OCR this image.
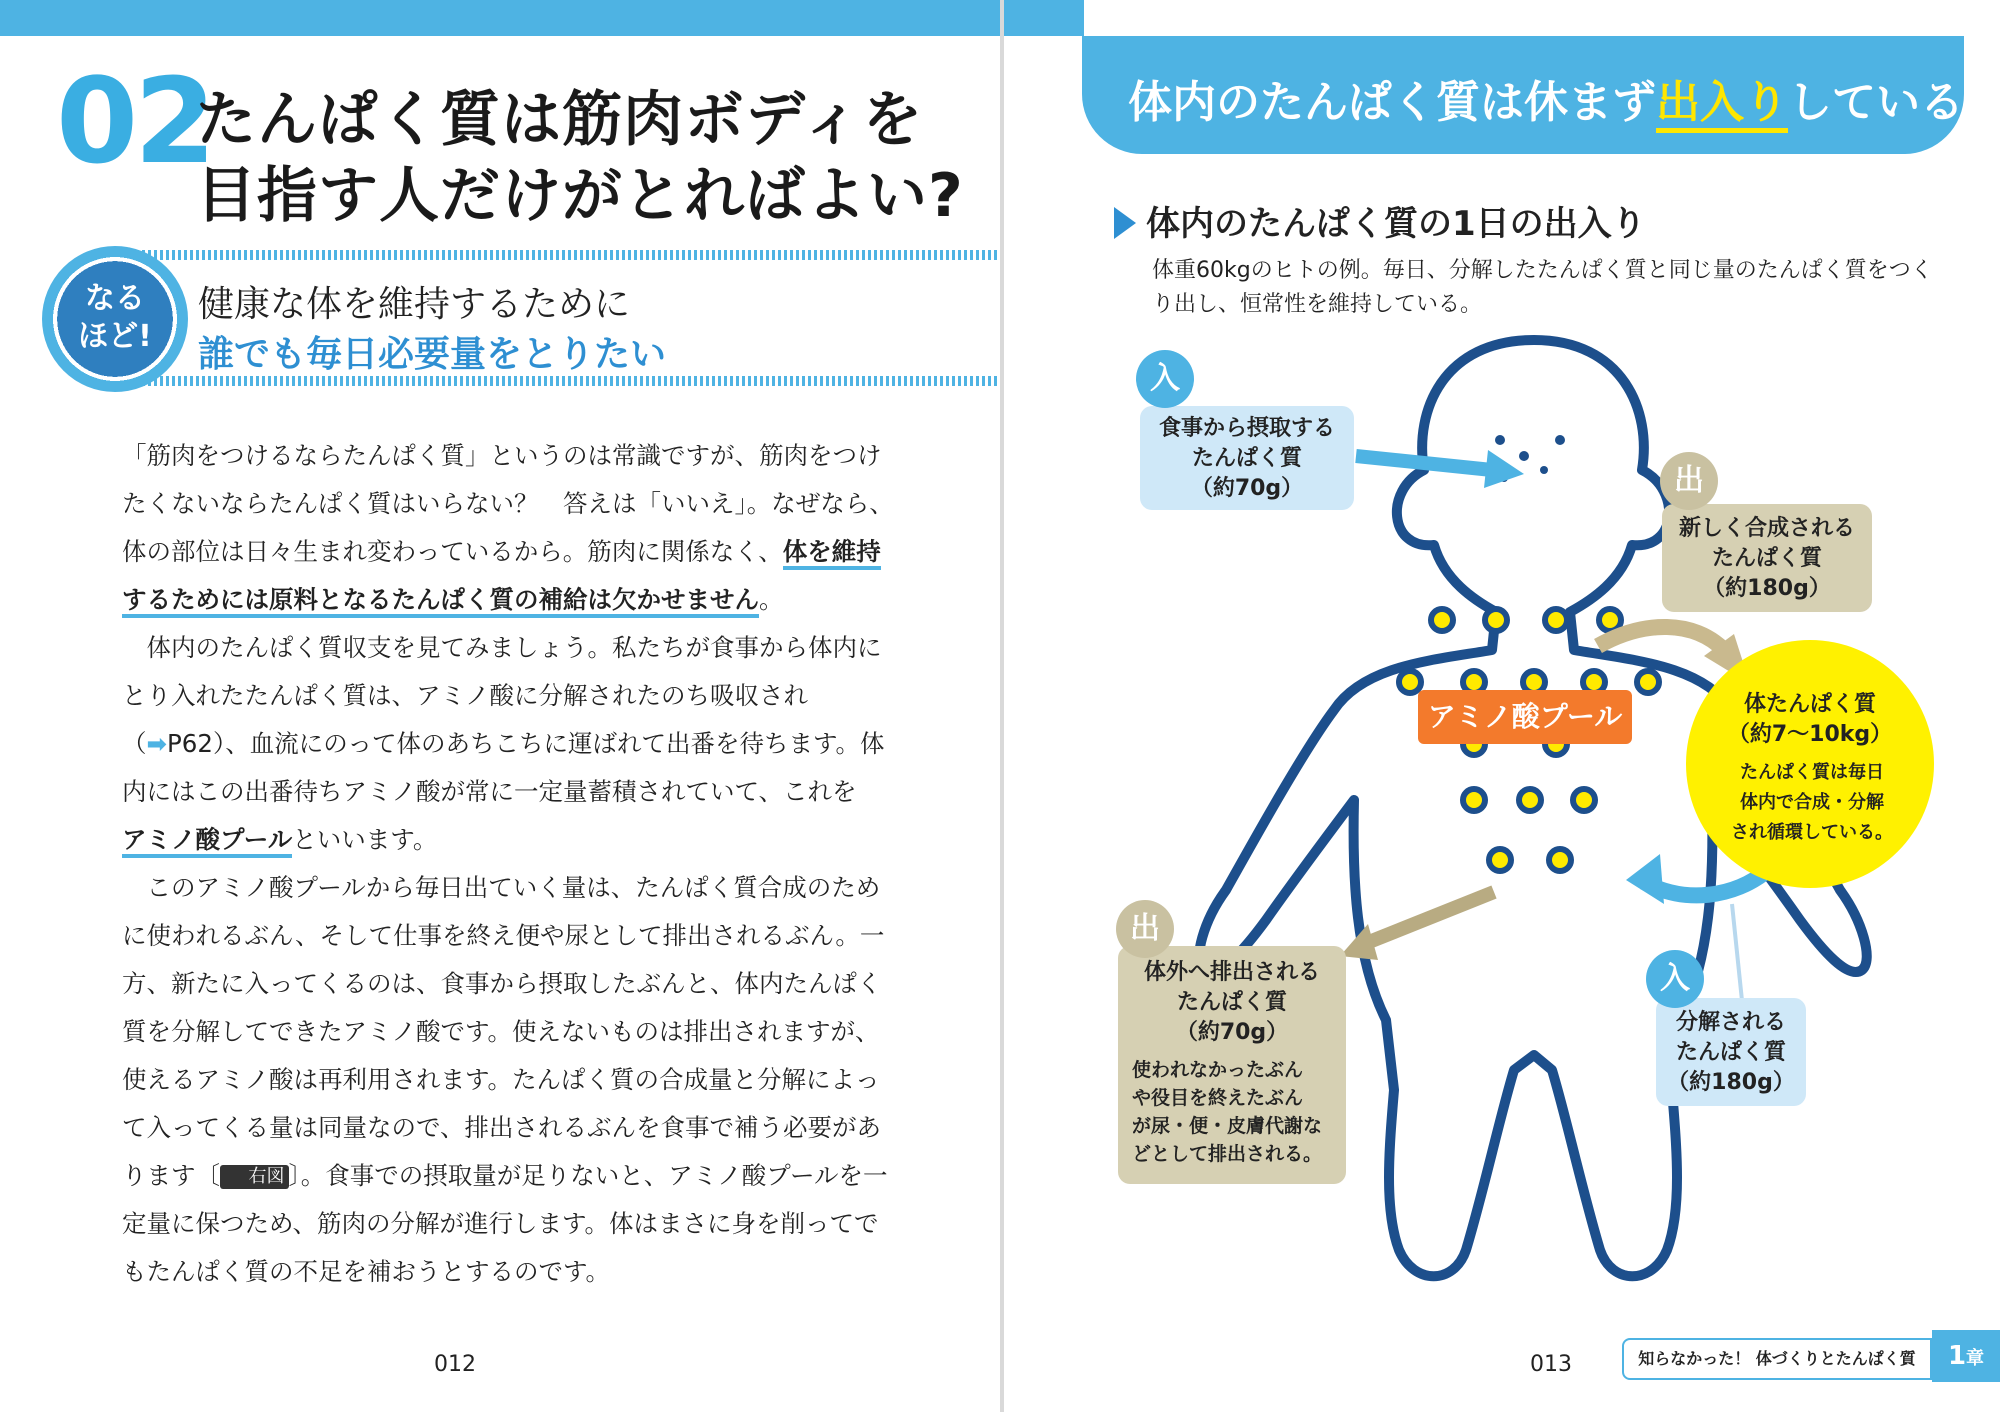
02
たんぱく質は筋肉ボディを
目指す人だけがとればよい?
なる
ほど!
健康な体を維持するために
誰でも毎日必要量をとりたい

「筋肉をつけるならたんぱく質」というのは常識ですが、筋肉をつけたくないならたんぱく質はいらない？　答えは「いいえ」。なぜなら、体の部位は日々生まれ変わっているから。筋肉に関係なく、体を維持するためには原料となるたんぱく質の補給は欠かせません。

体内のたんぱく質収支を見てみましょう。私たちが食事から体内にとり入れたたんぱく質は、アミノ酸に分解されたのち吸収され（➡P62）、血流にのって体のあちこちに運ばれて出番を待ちます。体内にはこの出番待ちアミノ酸が常に一定量蓄積されていて、これを
アミノ酸プールといいます。

このアミノ酸プールから毎日出ていく量は、たんぱく質合成のために使われるぶん、そして仕事を終え便や尿として排出されるぶん。一方、新たに入ってくるのは、食事から摂取したぶんと、体内たんぱく質を分解してできたアミノ酸です。使えないものは排出されますが、使えるアミノ酸は再利用されます。たんぱく質の合成量と分解によって入ってくる量は同量なので、排出されるぶんを食事で補う必要があります〔 右図 〕。食事での摂取量が足りないと、アミノ酸プールを一定量に保つため、筋肉の分解が進行します。体はまさに身を削ってでもたんぱく質の不足を補おうとするのです。

012
体内のたんぱく質は休まず出入りしている
体内のたんぱく質の1日の出入り
体重60kgのヒトの例。毎日、分解したたんぱく質と同じ量のたんぱく質をつくり出し、恒常性を維持している。
食事から摂取する
たんぱく質
（約70g）
入
新しく合成される
たんぱく質
（約180g）
出
アミノ酸プール	体たんぱく質
（約7〜10kg）
たんぱく質は毎日
体内で合成・分解
され循環している。
体外へ排出される
たんぱく質
（約70g）
使われなかったぶん
や役目を終えたぶん
が尿・便・皮膚代謝な
どとして排出される。
出
分解される
たんぱく質
（約180g）
入
013	知らなかった！ 体づくりとたんぱく質	1章
